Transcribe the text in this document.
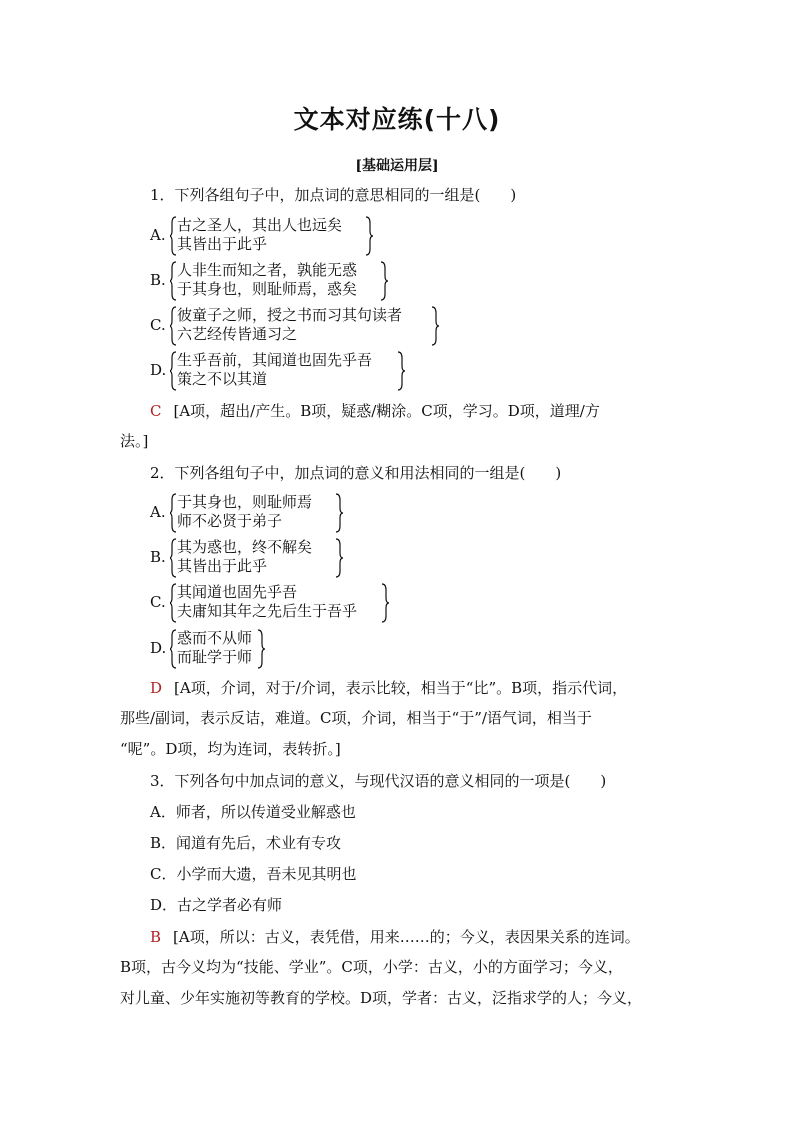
文本对应练(十八)
[基础运用层]
1．下列各组句子中，加点词的意思相同的一组是(　　)
A.
古之圣人，其出人也远矣
其皆出于此乎
B.
人非生而知之者，孰能无惑
于其身也，则耻师焉，惑矣
C.
彼童子之师，授之书而习其句读者
六艺经传皆通习之
D.
生乎吾前，其闻道也固先乎吾
策之不以其道
C [A项，超出/产生。B项，疑惑/糊涂。C项，学习。D项，道理/方
法。]
2．下列各组句子中，加点词的意义和用法相同的一组是(　　)
A.
于其身也，则耻师焉
师不必贤于弟子
B.
其为惑也，终不解矣
其皆出于此乎
C.
其闻道也固先乎吾
夫庸知其年之先后生于吾乎
D.
惑而不从师
而耻学于师
D [A项，介词，对于/介词，表示比较，相当于“比”。B项，指示代词，
那些/副词，表示反诘，难道。C项，介词，相当于“于”/语气词，相当于
“呢”。D项，均为连词，表转折。]
3．下列各句中加点词的意义，与现代汉语的意义相同的一项是(　　)
A．师者，所以传道受业解惑也
B．闻道有先后，术业有专攻
C．小学而大遗，吾未见其明也
D．古之学者必有师
B [A项，所以：古义，表凭借，用来……的；今义，表因果关系的连词。
B项，古今义均为“技能、学业”。C项，小学：古义，小的方面学习；今义，
对儿童、少年实施初等教育的学校。D项，学者：古义，泛指求学的人；今义，
